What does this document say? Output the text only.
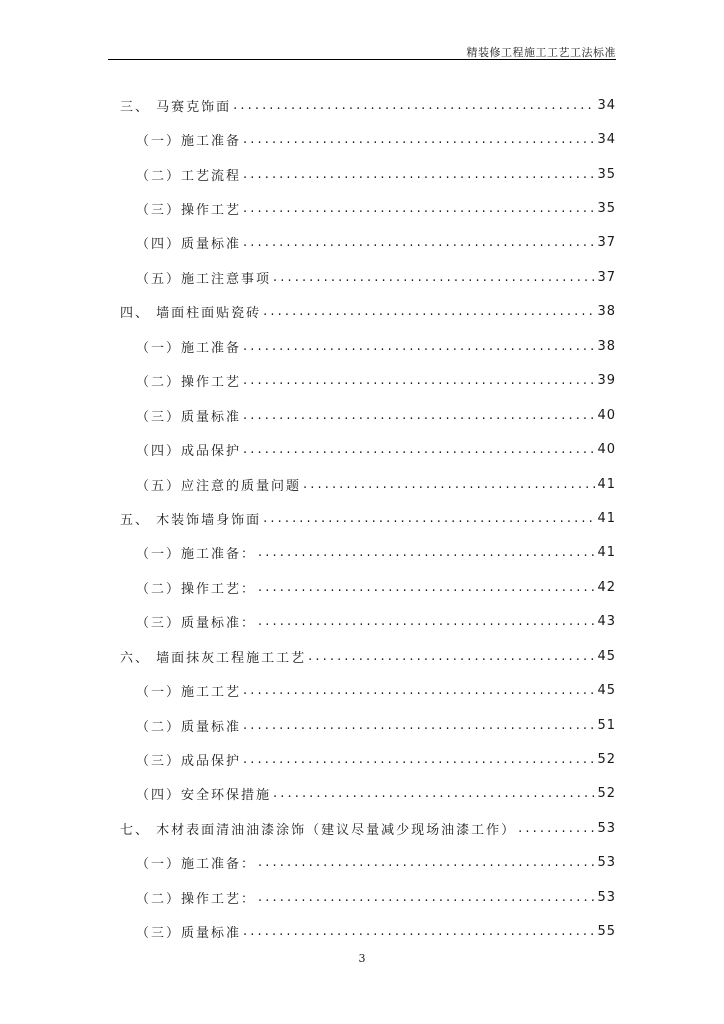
精装修工程施工工艺工法标准
三、 马赛克饰面 .....	34
（一）施工准备 .....	34
（二）工艺流程 .....	35
（三）操作工艺 .....	35
（四）质量标准 .....	37
（五）施工注意事项 .....	37
四、 墙面柱面贴瓷砖 .....	38
（一）施工准备 .....	38
（二）操作工艺 .....	39
（三）质量标准 .....	40
（四）成品保护 .....	40
（五）应注意的质量问题 .....	41
五、 木装饰墙身饰面 .....	41
（一）施工准备： .....	41
（二）操作工艺： .....	42
（三）质量标准： .....	43
六、 墙面抹灰工程施工工艺 .....	45
（一）施工工艺 .....	45
（二）质量标准 .....	51
（三）成品保护 .....	52
（四）安全环保措施 .....	52
七、 木材表面清油油漆涂饰（建议尽量减少现场油漆工作） .....	53
（一）施工准备： .....	53
（二）操作工艺： .....	53
（三）质量标准 .....	55
3
